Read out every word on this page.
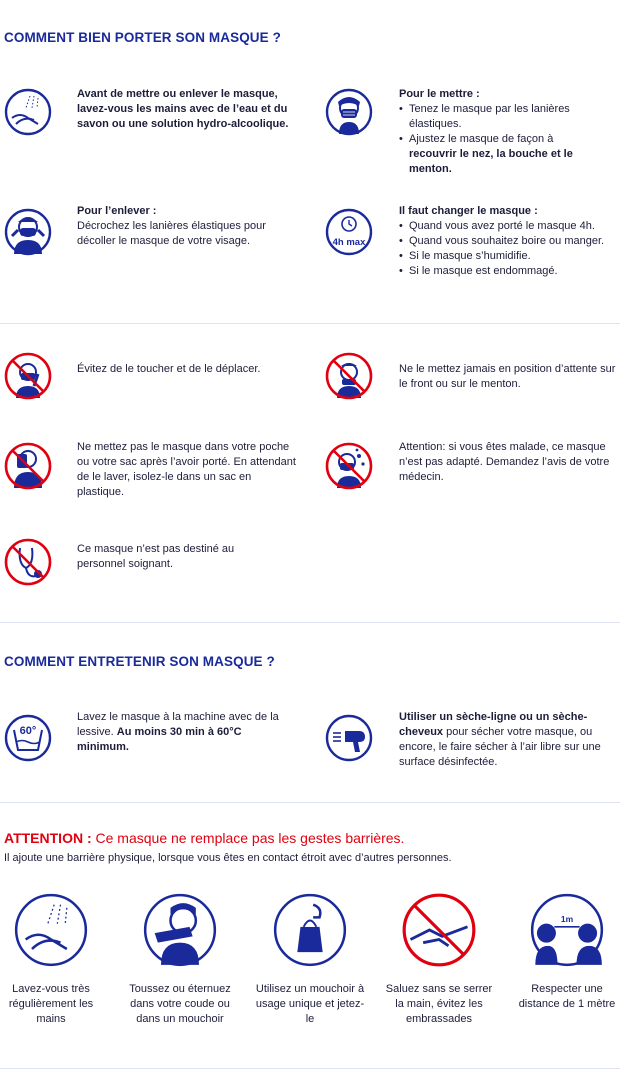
COMMENT BIEN PORTER SON MASQUE ?
Avant de mettre ou enlever le masque, lavez-vous les mains avec de l’eau et du savon ou une solution hydro-alcoolique.
Pour le mettre :
• Tenez le masque par les lanières élastiques.
• Ajustez le masque de façon à recouvrir le nez, la bouche et le menton.
Pour l’enlever :
Décrochez les lanières élastiques pour décoller le masque de votre visage.	4h max
Il faut changer le masque :
• Quand vous avez porté le masque 4h.
• Quand vous souhaitez boire ou manger.
• Si le masque s’humidifie.
• Si le masque est endommagé.
Évitez de le toucher et de le déplacer.	Ne le mettez jamais en position d’attente sur le front ou sur le menton.
Ne mettez pas le masque dans votre poche ou votre sac après l’avoir porté. En attendant de le laver, isolez-le dans un sac en plastique.
Attention: si vous êtes malade, ce masque n’est pas adapté. Demandez l’avis de votre médecin.
Ce masque n’est pas destiné au personnel soignant.
COMMENT ENTRETENIR SON MASQUE ?
60°
Lavez le masque à la machine avec de la lessive. Au moins 30 min à 60°C minimum.
Utiliser un sèche-ligne ou un sèche-cheveux pour sécher votre masque, ou encore, le faire sécher à l’air libre sur une surface désinfectée.
ATTENTION : Ce masque ne remplace pas les gestes barrières.
Il ajoute une barrière physique, lorsque vous êtes en contact étroit avec d’autres personnes.
Lavez-vous très régulièrement les mains
Toussez ou éternuez dans votre coude ou dans un mouchoir
Utilisez un mouchoir à usage unique et jetez-le
Saluez sans se serrer la main, évitez les embrassades
1m
Respecter une distance de 1 mètre
